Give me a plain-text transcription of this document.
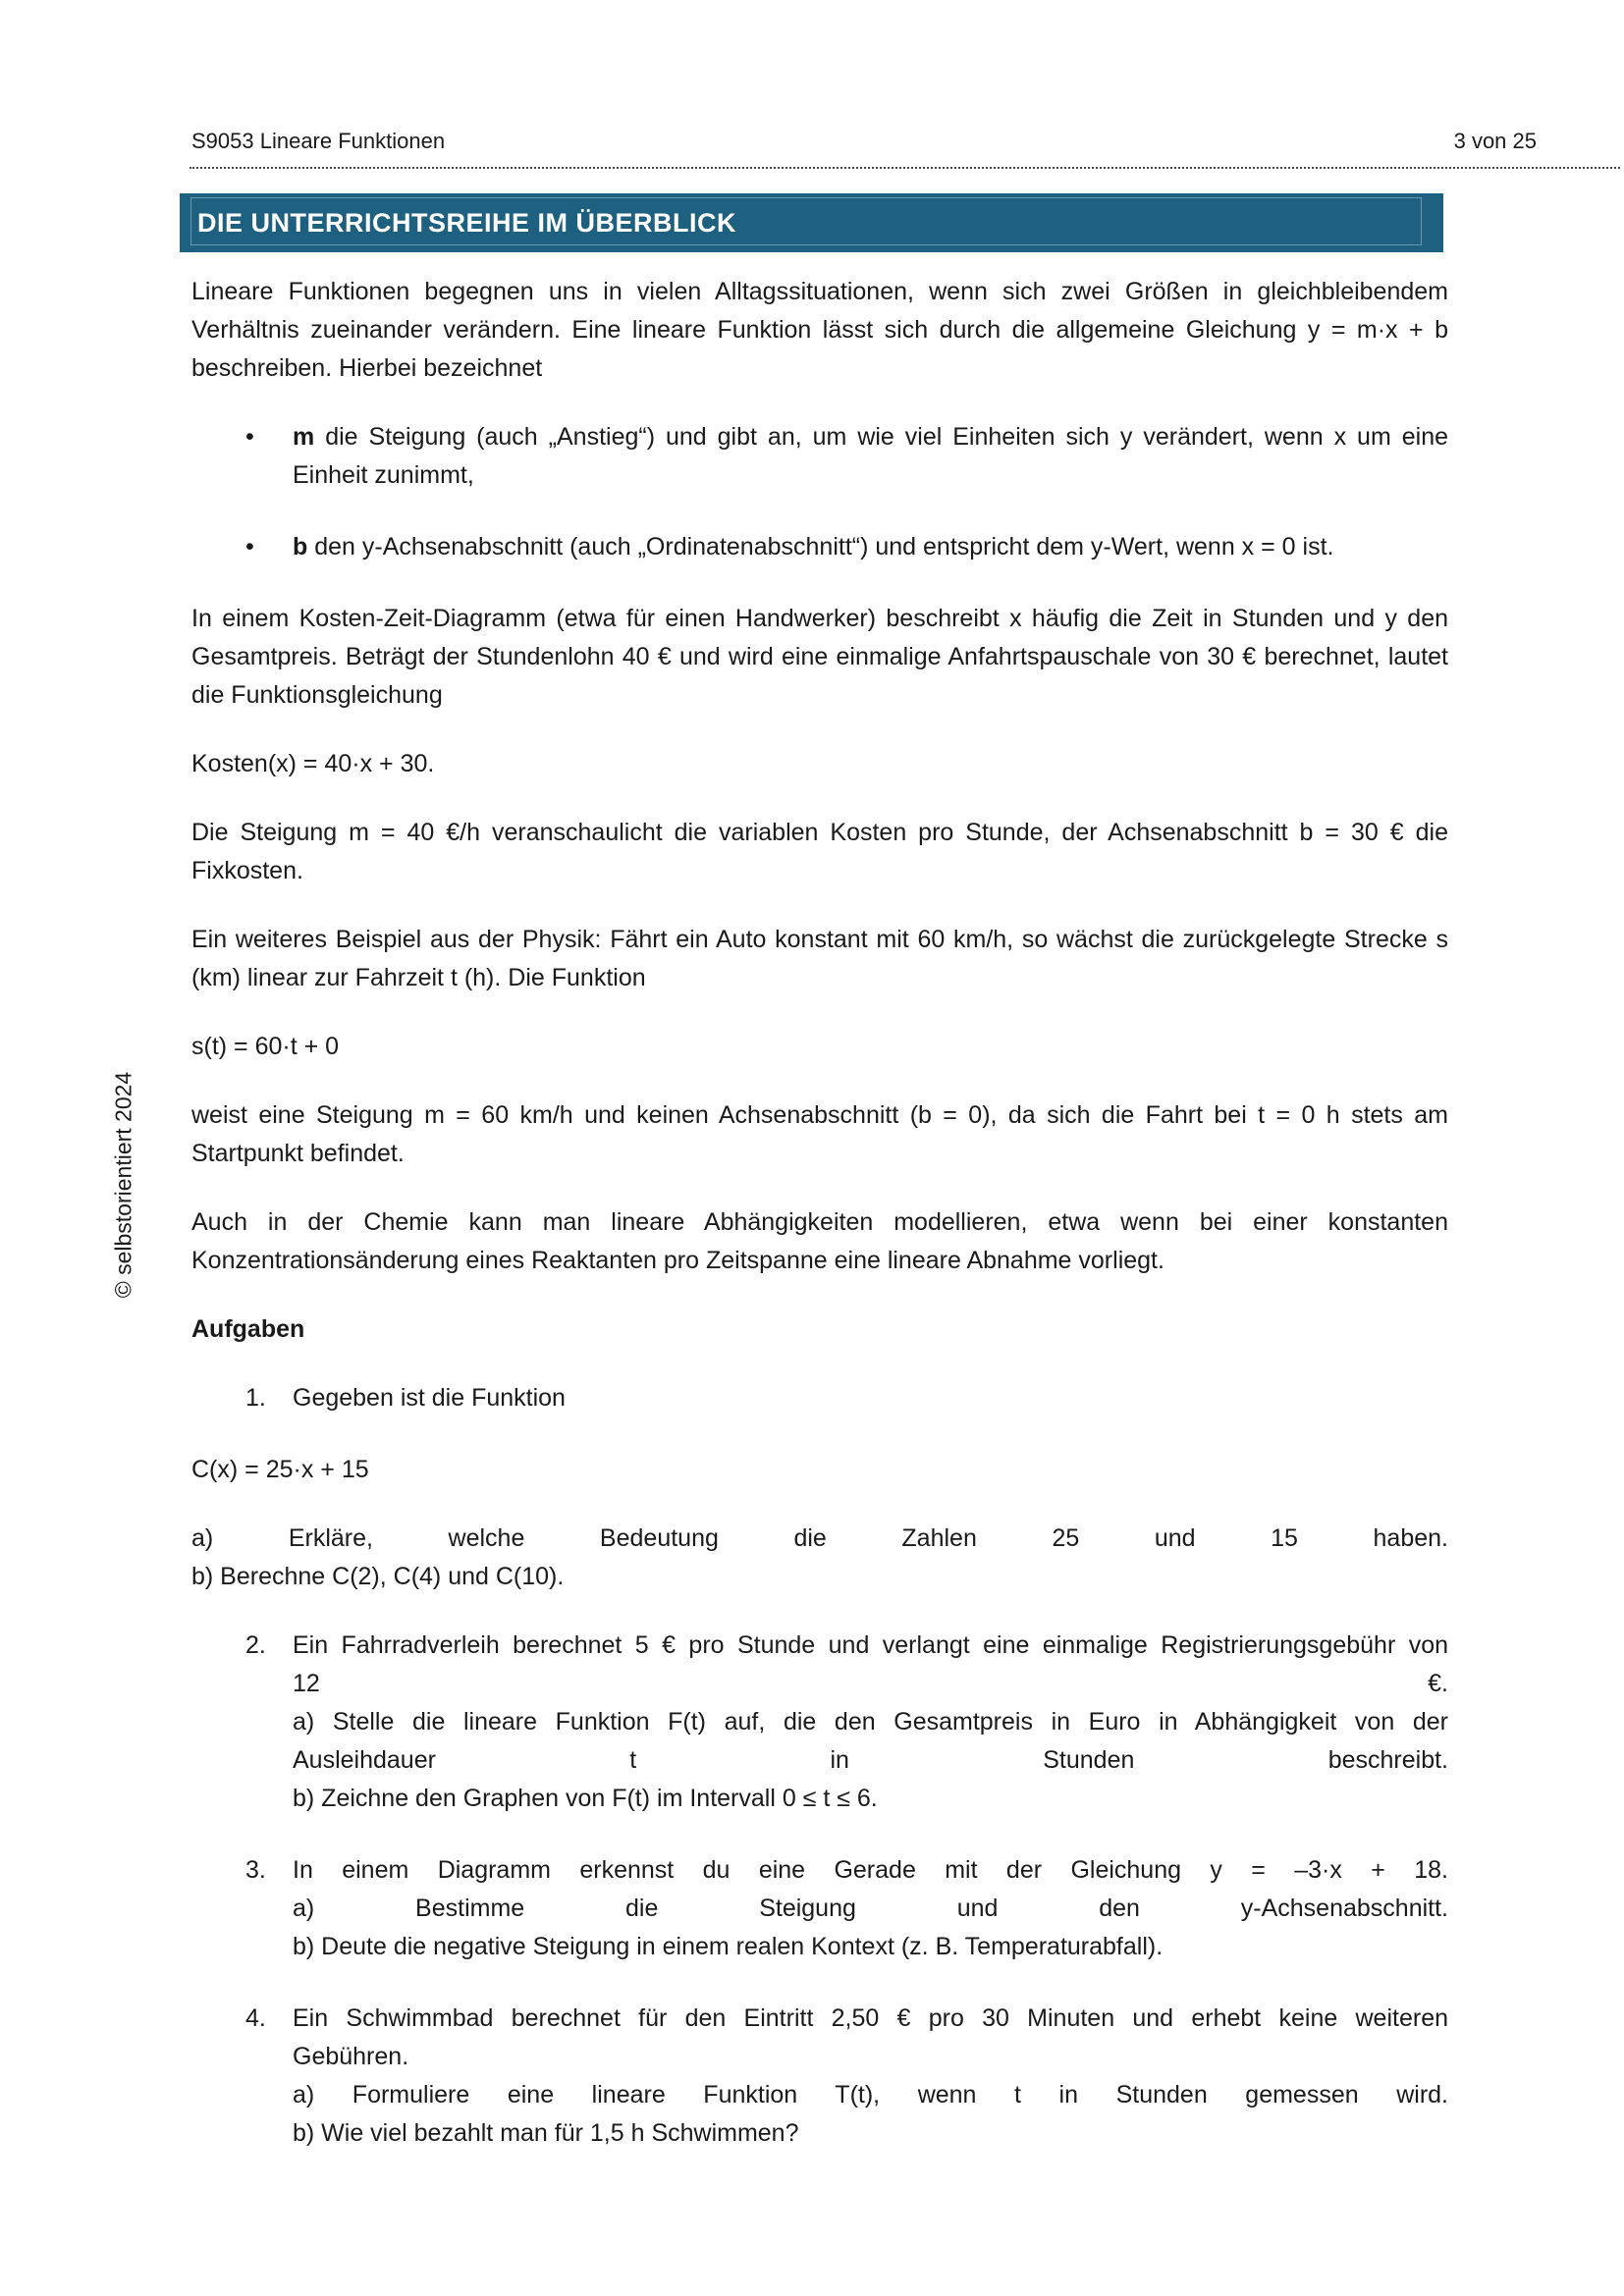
S9053 Lineare Funktionen	3 von 25
DIE UNTERRICHTSREIHE IM ÜBERBLICK
© selbstorientiert 2024
Lineare Funktionen begegnen uns in vielen Alltagssituationen, wenn sich zwei Größen in gleichbleibendem Verhältnis zueinander verändern. Eine lineare Funktion lässt sich durch die allgemeine Gleichung y = m·x + b beschreiben. Hierbei bezeichnet
•	m die Steigung (auch „Anstieg“) und gibt an, um wie viel Einheiten sich y verändert, wenn x um eine Einheit zunimmt,
•	b den y-Achsenabschnitt (auch „Ordinatenabschnitt“) und entspricht dem y-Wert, wenn x = 0 ist.
In einem Kosten-Zeit-Diagramm (etwa für einen Handwerker) beschreibt x häufig die Zeit in Stunden und y den Gesamtpreis. Beträgt der Stundenlohn 40 € und wird eine einmalige Anfahrtspauschale von 30 € berechnet, lautet die Funktionsgleichung
Kosten(x) = 40·x + 30.
Die Steigung m = 40 €/h veranschaulicht die variablen Kosten pro Stunde, der Achsenabschnitt b = 30 € die Fixkosten.
Ein weiteres Beispiel aus der Physik: Fährt ein Auto konstant mit 60 km/h, so wächst die zurückgelegte Strecke s (km) linear zur Fahrzeit t (h). Die Funktion
s(t) = 60·t + 0
weist eine Steigung m = 60 km/h und keinen Achsenabschnitt (b = 0), da sich die Fahrt bei t = 0 h stets am Startpunkt befindet.
Auch in der Chemie kann man lineare Abhängigkeiten modellieren, etwa wenn bei einer konstanten Konzentrationsänderung eines Reaktanten pro Zeitspanne eine lineare Abnahme vorliegt.
Aufgaben
1.	Gegeben ist die Funktion
C(x) = 25·x + 15
a) Erkläre, welche Bedeutung die Zahlen 25 und 15 haben.
b) Berechne C(2), C(4) und C(10).
2.	Ein Fahrradverleih berechnet 5 € pro Stunde und verlangt eine einmalige Registrierungsgebühr von
12 €.
a) Stelle die lineare Funktion F(t) auf, die den Gesamtpreis in Euro in Abhängigkeit von der
Ausleihdauer t in Stunden beschreibt.
b) Zeichne den Graphen von F(t) im Intervall 0 ≤ t ≤ 6.
3.	In einem Diagramm erkennst du eine Gerade mit der Gleichung y = –3·x + 18.
a) Bestimme die Steigung und den y-Achsenabschnitt.
b) Deute die negative Steigung in einem realen Kontext (z. B. Temperaturabfall).
4.	Ein Schwimmbad berechnet für den Eintritt 2,50 € pro 30 Minuten und erhebt keine weiteren
Gebühren.
a) Formuliere eine lineare Funktion T(t), wenn t in Stunden gemessen wird.
b) Wie viel bezahlt man für 1,5 h Schwimmen?
